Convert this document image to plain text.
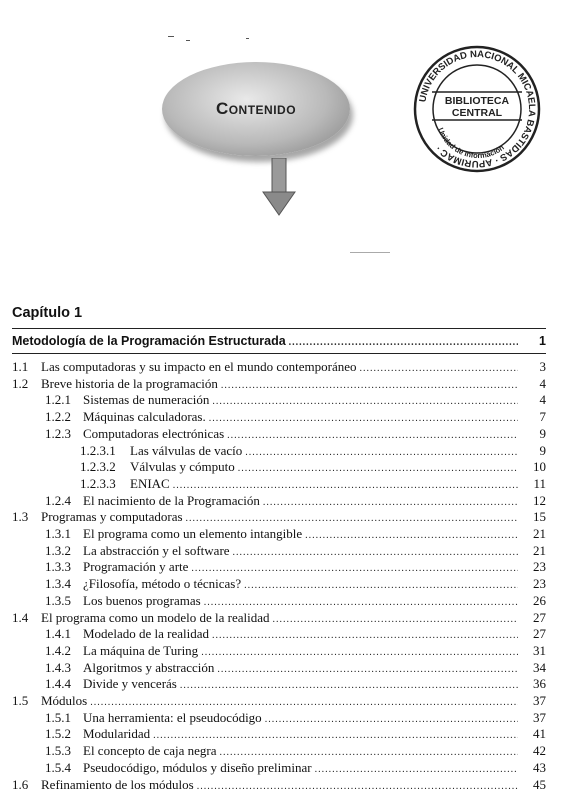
Contenido
UNIVERSIDAD NACIONAL MICAELA BASTIDAS · APURIMAC ·
Unidad de Información
BIBLIOTECA
CENTRAL
Capítulo 1
Metodología de la Programación Estructurada .....	1
1.1 Las computadoras y su impacto en el mundo contemporáneo .....	3
1.2 Breve historia de la programación .....	4
1.2.1 Sistemas de numeración .....	4
1.2.2 Máquinas calculadoras. .....	7
1.2.3 Computadoras electrónicas .....	9
1.2.3.1	Las válvulas de vacío .....	9
1.2.3.2	Válvulas y cómputo .....	10
1.2.3.3	ENIAC .....	11
1.2.4 El nacimiento de la Programación .....	12
1.3 Programas y computadoras .....	15
1.3.1 El programa como un elemento intangible .....	21
1.3.2 La abstracción y el software .....	21
1.3.3 Programación y arte .....	23
1.3.4 ¿Filosofía, método o técnicas? .....	23
1.3.5 Los buenos programas .....	26
1.4 El programa como un modelo de la realidad .....	27
1.4.1 Modelado de la realidad .....	27
1.4.2 La máquina de Turing .....	31
1.4.3 Algoritmos y abstracción .....	34
1.4.4 Divide y vencerás .....	36
1.5 Módulos .....	37
1.5.1 Una herramienta: el pseudocódigo .....	37
1.5.2 Modularidad .....	41
1.5.3 El concepto de caja negra .....	42
1.5.4 Pseudocódigo, módulos y diseño preliminar .....	43
1.6 Refinamiento de los módulos .....	45
